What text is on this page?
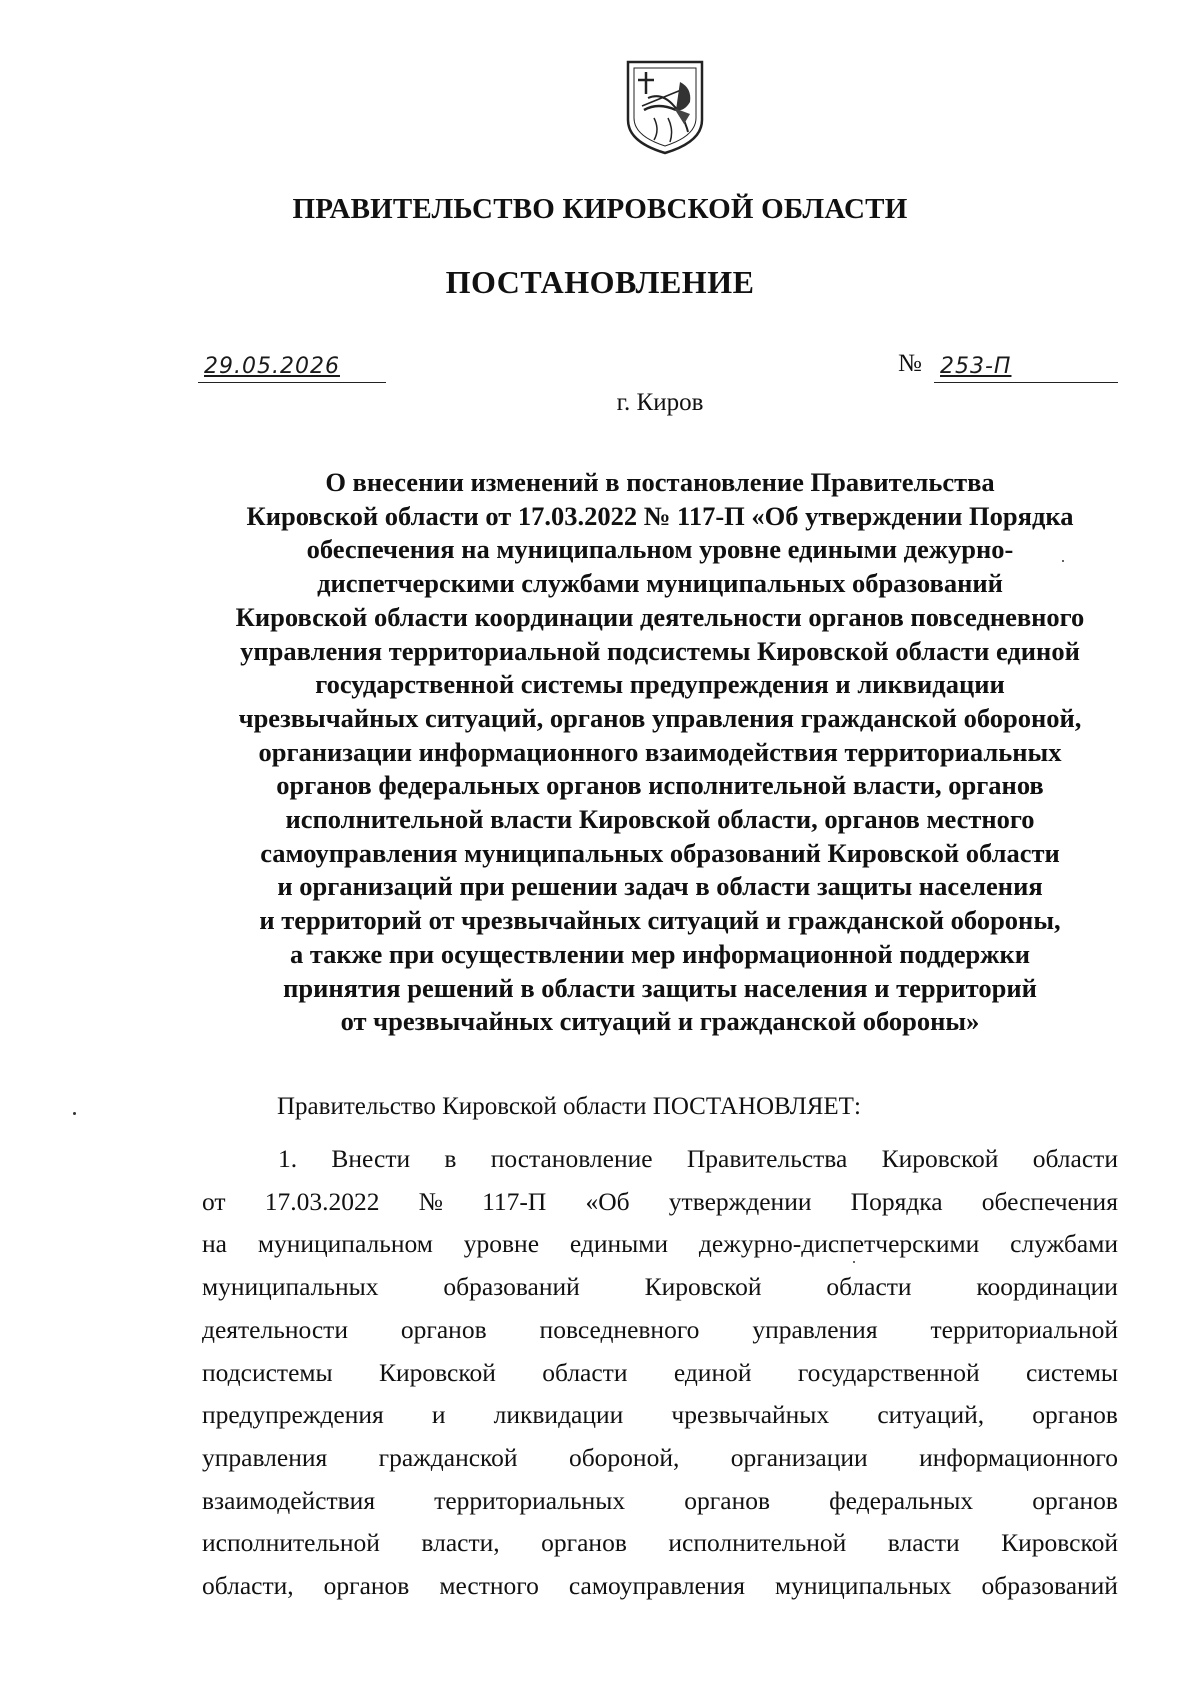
ПРАВИТЕЛЬСТВО КИРОВСКОЙ ОБЛАСТИ
ПОСТАНОВЛЕНИЕ
29.05.2026	№ 253-П
г. Киров
О внесении изменений в постановление Правительства
Кировской области от 17.03.2022 № 117-П «Об утверждении Порядка
обеспечения на муниципальном уровне едиными дежурно-
диспетчерскими службами муниципальных образований
Кировской области координации деятельности органов повседневного
управления территориальной подсистемы Кировской области единой
государственной системы предупреждения и ликвидации
чрезвычайных ситуаций, органов управления гражданской обороной,
организации информационного взаимодействия территориальных
органов федеральных органов исполнительной власти, органов
исполнительной власти Кировской области, органов местного
самоуправления муниципальных образований Кировской области
и организаций при решении задач в области защиты населения
и территорий от чрезвычайных ситуаций и гражданской обороны,
а также при осуществлении мер информационной поддержки
принятия решений в области защиты населения и территорий
от чрезвычайных ситуаций и гражданской обороны»
Правительство Кировской области ПОСТАНОВЛЯЕТ:
1. Внести в постановление Правительства Кировской области
от 17.03.2022 № 117-П «Об утверждении Порядка обеспечения
на муниципальном уровне едиными дежурно-диспетчерскими службами
муниципальных	образований	Кировской	области	координации
деятельности органов повседневного управления территориальной
подсистемы Кировской области единой государственной системы
предупреждения и ликвидации чрезвычайных ситуаций, органов
управления гражданской обороной, организации информационного
взаимодействия территориальных органов федеральных органов
исполнительной власти, органов исполнительной власти Кировской
области, органов местного самоуправления муниципальных образований
